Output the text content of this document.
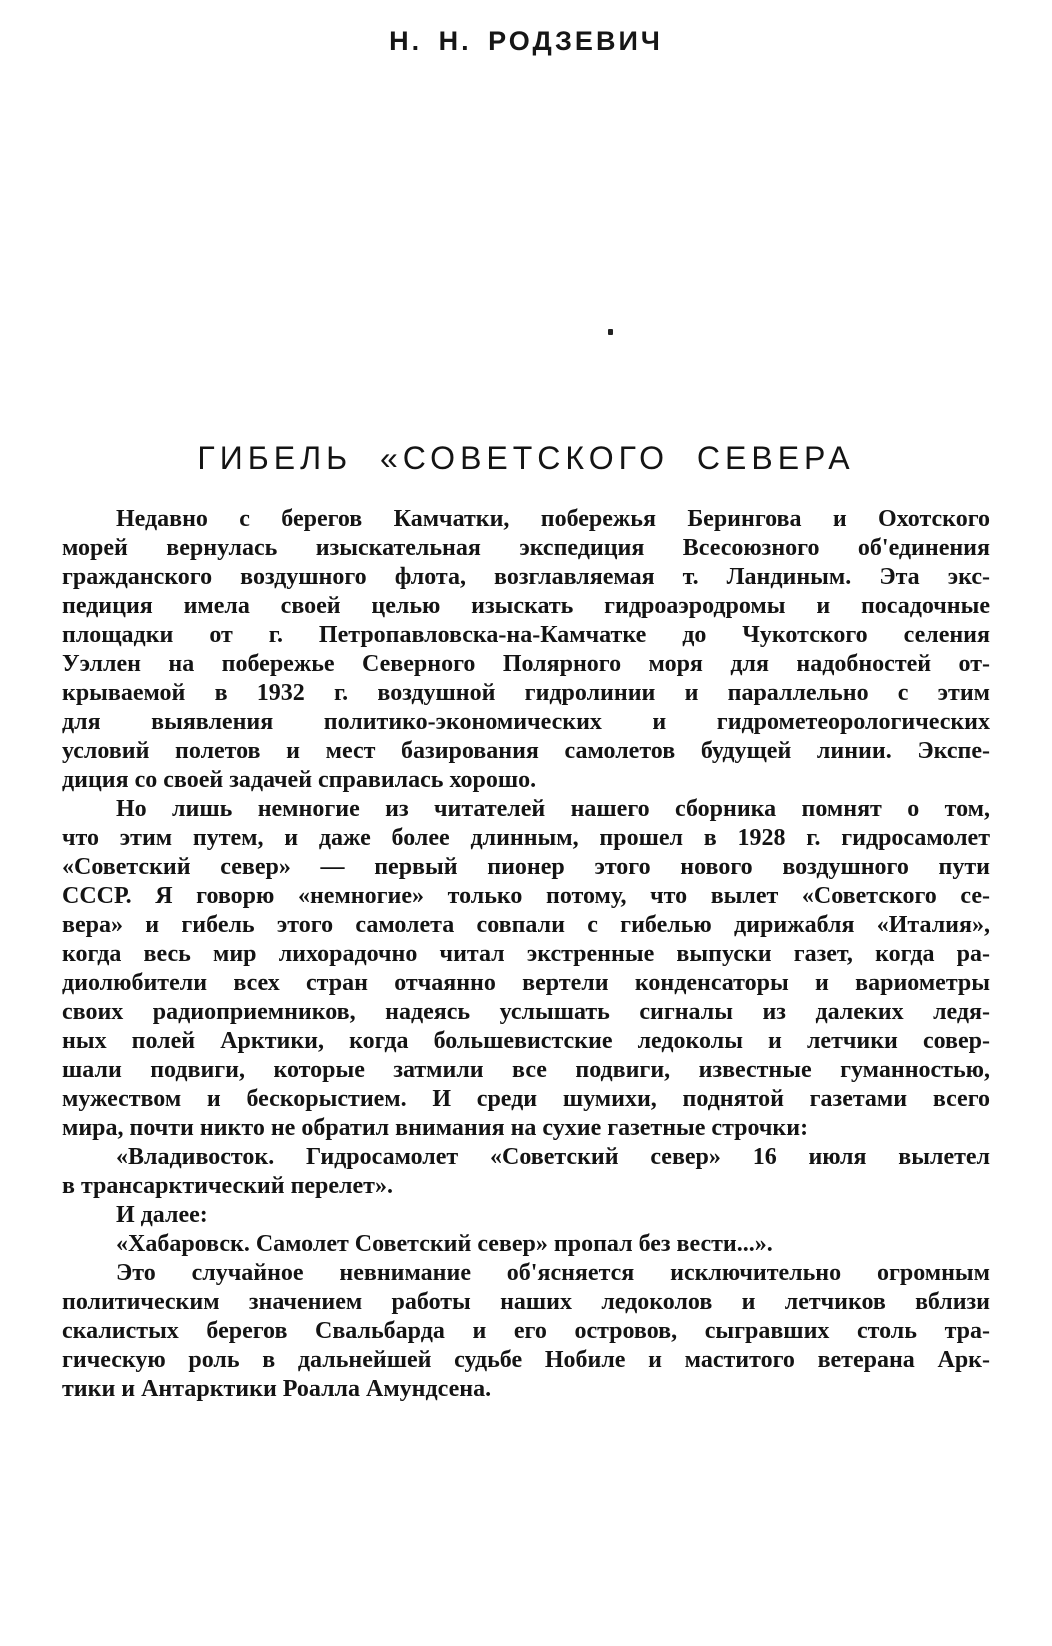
Н. Н. РОДЗЕВИЧ
ГИБЕЛЬ «СОВЕТСКОГО СЕВЕРА
Недавно с берегов Камчатки, побережья Берингова и Охотского
морей вернулась изыскательная экспедиция Всесоюзного об'единения
гражданского воздушного флота, возглавляемая т. Ландиным. Эта экс-
педиция имела своей целью изыскать гидроаэродромы и посадочные
площадки от г. Петропавловска-на-Камчатке до Чукотского селения
Уэллен на побережье Северного Полярного моря для надобностей от-
крываемой в 1932 г. воздушной гидролинии и параллельно с этим
для выявления политико-экономических и гидрометеорологических
условий полетов и мест базирования самолетов будущей линии. Экспе-
диция со своей задачей справилась хорошо.
Но лишь немногие из читателей нашего сборника помнят о том,
что этим путем, и даже более длинным, прошел в 1928 г. гидросамолет
«Советский север» — первый пионер этого нового воздушного пути
СССР. Я говорю «немногие» только потому, что вылет «Советского се-
вера» и гибель этого самолета совпали с гибелью дирижабля «Италия»,
когда весь мир лихорадочно читал экстренные выпуски газет, когда ра-
диолюбители всех стран отчаянно вертели конденсаторы и вариометры
своих радиоприемников, надеясь услышать сигналы из далеких ледя-
ных полей Арктики, когда большевистские ледоколы и летчики совер-
шали подвиги, которые затмили все подвиги, известные гуманностью,
мужеством и бескорыстием. И среди шумихи, поднятой газетами всего
мира, почти никто не обратил внимания на сухие газетные строчки:
«Владивосток. Гидросамолет «Советский север» 16 июля вылетел
в трансарктический перелет».
И далее:
«Хабаровск. Самолет Советский север» пропал без вести...».
Это случайное невнимание об'ясняется исключительно огромным
политическим значением работы наших ледоколов и летчиков вблизи
скалистых берегов Свальбарда и его островов, сыгравших столь тра-
гическую роль в дальнейшей судьбе Нобиле и маститого ветерана Арк-
тики и Антарктики Роалла Амундсена.
